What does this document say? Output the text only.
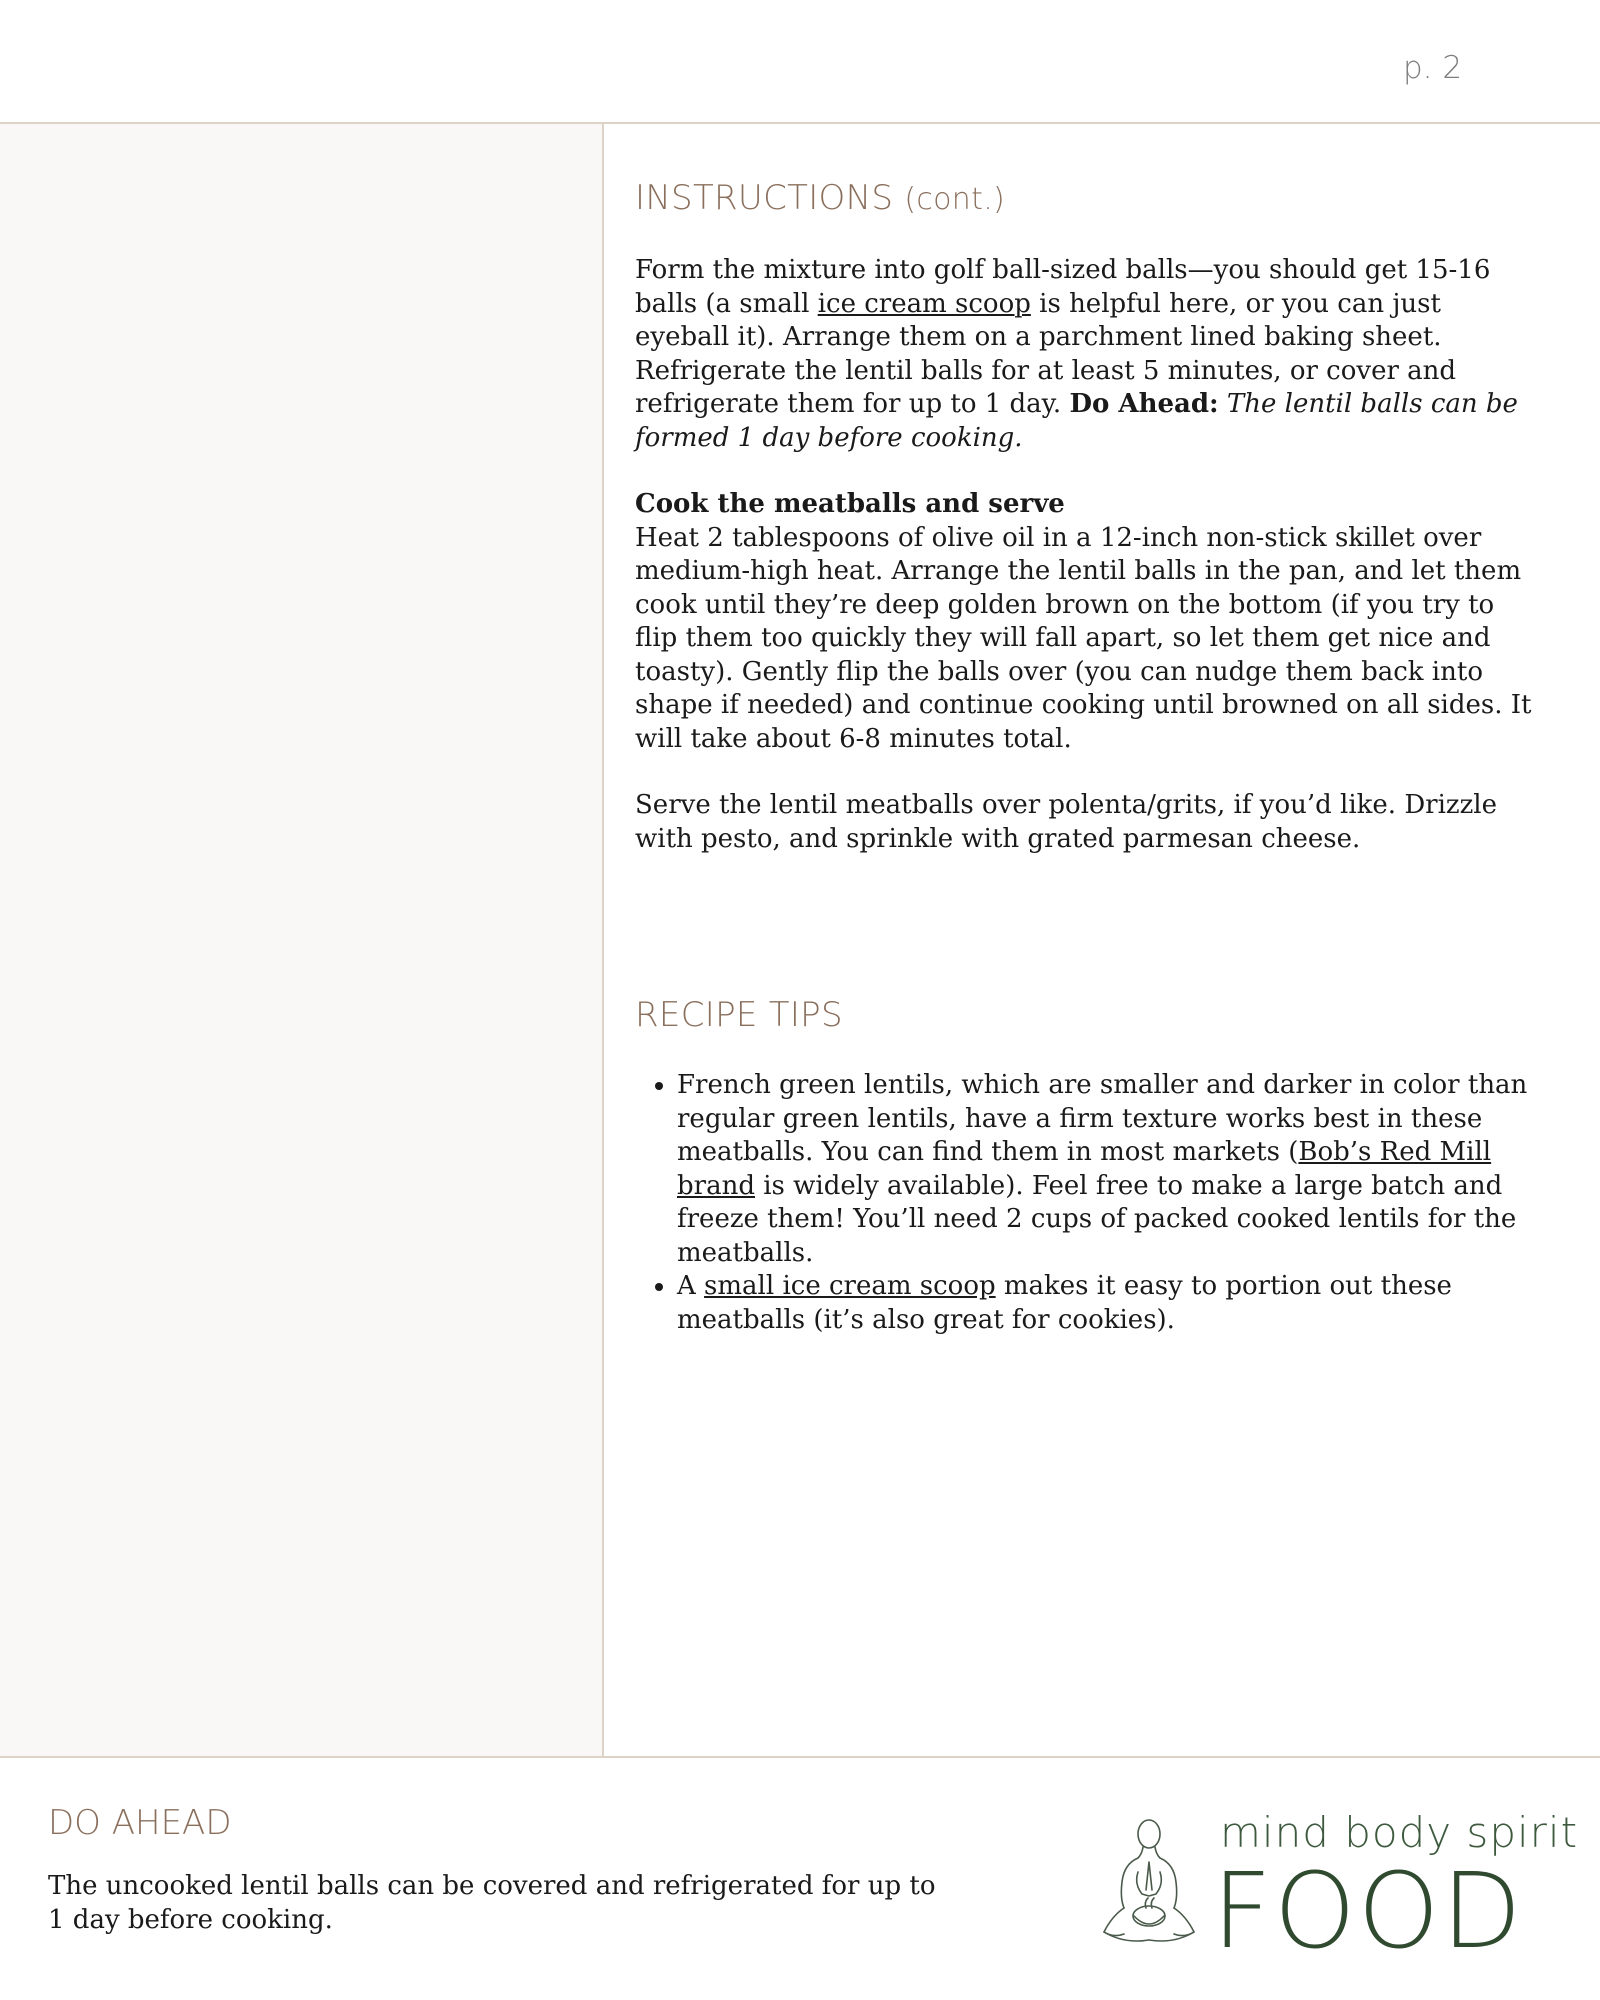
p. 2
INSTRUCTIONS (cont.)

Form the mixture into golf ball-sized balls—you should get 15-16 balls (a small ice cream scoop is helpful here, or you can just eyeball it). Arrange them on a parchment lined baking sheet. Refrigerate the lentil balls for at least 5 minutes, or cover and refrigerate them for up to 1 day. Do Ahead: The lentil balls can be formed 1 day before cooking.

Cook the meatballs and serve

Heat 2 tablespoons of olive oil in a 12-inch non-stick skillet over medium-high heat. Arrange the lentil balls in the pan, and let them cook until they’re deep golden brown on the bottom (if you try to flip them too quickly they will fall apart, so let them get nice and toasty). Gently flip the balls over (you can nudge them back into shape if needed) and continue cooking until browned on all sides. It will take about 6-8 minutes total.

Serve the lentil meatballs over polenta/grits, if you’d like. Drizzle with pesto, and sprinkle with grated parmesan cheese.

RECIPE TIPS
• French green lentils, which are smaller and darker in color than regular green lentils, have a firm texture works best in these meatballs. You can find them in most markets (Bob’s Red Mill brand is widely available). Feel free to make a large batch and freeze them! You’ll need 2 cups of packed cooked lentils for the meatballs.
• A small ice cream scoop makes it easy to portion out these meatballs (it’s also great for cookies).
DO AHEAD
The uncooked lentil balls can be covered and refrigerated for up to 1 day before cooking.
mind body spirit
FOOD
